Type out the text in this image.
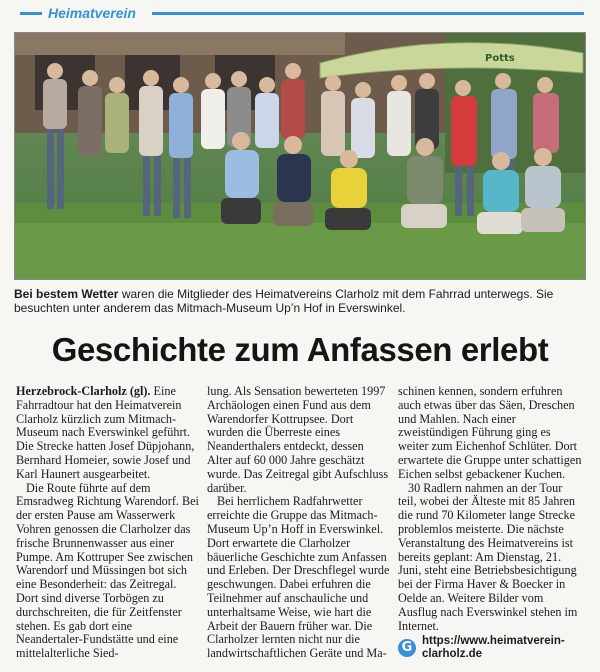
Heimatverein
Potts
Bei bestem Wetter waren die Mitglieder des Heimatvereins Clarholz mit dem Fahrrad unterwegs. Sie besuchten unter anderem das Mitmach-Museum Up’n Hof in Everswinkel.
Geschichte zum Anfassen erlebt

Herzebrock-Clarholz (gl). Eine Fahrradtour hat den Heimatverein Clarholz kürzlich zum Mitmach-Museum nach Everswinkel geführt. Die Strecke hatten Josef Düpjohann, Bernhard Homeier, sowie Josef und Karl Haunert ausgearbeitet.

Die Route führte auf dem Emsradweg Richtung Warendorf. Bei der ersten Pause am Wasserwerk Vohren genossen die Clarholzer das frische Brunnenwasser aus einer Pumpe. Am Kottruper See zwischen Warendorf und Müssingen bot sich eine Besonderheit: das Zeitregal. Dort sind diverse Torbögen zu durchschreiten, die für Zeitfenster stehen. Es gab dort eine Neandertaler-Fundstätte und eine mittelalterliche Sied-

lung. Als Sensation bewerteten 1997 Archäologen einen Fund aus dem Warendorfer Kottrupsee. Dort wurden die Überreste eines Neanderthalers entdeckt, dessen Alter auf 60 000 Jahre geschätzt wurde. Das Zeitregal gibt Aufschluss darüber.

Bei herrlichem Radfahrwetter erreichte die Gruppe das Mitmach-Museum Up’n Hoff in Everswinkel. Dort erwartete die Clarholzer bäuerliche Geschichte zum Anfassen und Erleben. Der Dreschflegel wurde geschwungen. Dabei erfuhren die Teilnehmer auf anschauliche und unterhaltsame Weise, wie hart die Arbeit der Bauern früher war. Die Clarholzer lernten nicht nur die landwirtschaftlichen Geräte und Ma-

schinen kennen, sondern erfuhren auch etwas über das Säen, Dreschen und Mahlen. Nach einer zweistündigen Führung ging es weiter zum Eichenhof Schlüter. Dort erwartete die Gruppe unter schattigen Eichen selbst gebackener Kuchen.

30 Radlern nahmen an der Tour teil, wobei der Älteste mit 85 Jahren die rund 70 Kilometer lange Strecke problemlos meisterte. Die nächste Veranstaltung des Heimatvereins ist bereits geplant: Am Dienstag, 21. Juni, steht eine Betriebsbesichtigung bei der Firma Haver & Boecker in Oelde an. Weitere Bilder vom Ausflug nach Everswinkel stehen im Internet.

G https://www.heimatverein-clarholz.de
